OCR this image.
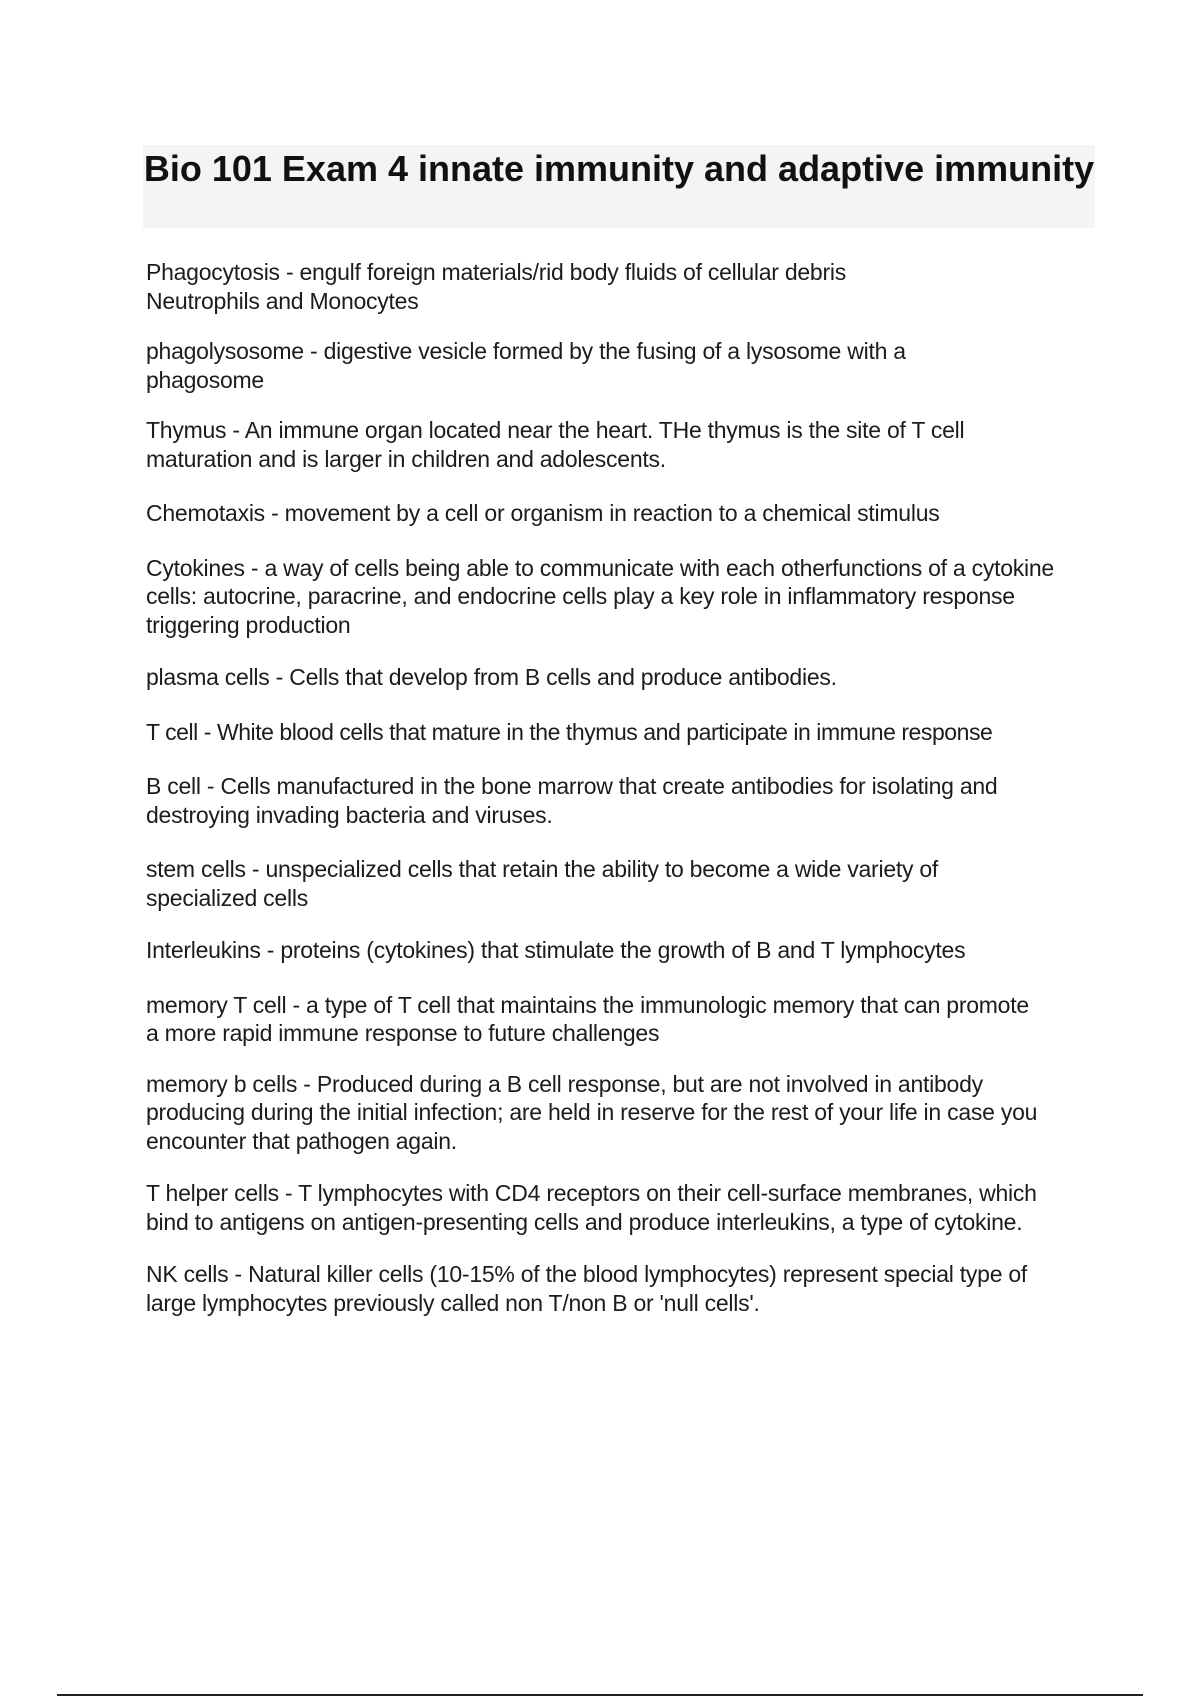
Bio 101 Exam 4 innate immunity and adaptive immunity
Phagocytosis - engulf foreign materials/rid body fluids of cellular debris Neutrophils and Monocytes
phagolysosome - digestive vesicle formed by the fusing of a lysosome with a phagosome
Thymus - An immune organ located near the heart. THe thymus is the site of T cell maturation and is larger in children and adolescents.
Chemotaxis - movement by a cell or organism in reaction to a chemical stimulus
Cytokines - a way of cells being able to communicate with each otherfunctions of a cytokine cells: autocrine, paracrine, and endocrine cells play a key role in inflammatory response triggering production
plasma cells - Cells that develop from B cells and produce antibodies.
T cell - White blood cells that mature in the thymus and participate in immune response
B cell - Cells manufactured in the bone marrow that create antibodies for isolating and destroying invading bacteria and viruses.
stem cells - unspecialized cells that retain the ability to become a wide variety of specialized cells
Interleukins - proteins (cytokines) that stimulate the growth of B and T lymphocytes
memory T cell - a type of T cell that maintains the immunologic memory that can promote a more rapid immune response to future challenges
memory b cells - Produced during a B cell response, but are not involved in antibody producing during the initial infection; are held in reserve for the rest of your life in case you encounter that pathogen again.
T helper cells - T lymphocytes with CD4 receptors on their cell-surface membranes, which bind to antigens on antigen-presenting cells and produce interleukins, a type of cytokine.
NK cells - Natural killer cells (10-15% of the blood lymphocytes) represent special type of large lymphocytes previously called non T/non B or 'null cells'.
